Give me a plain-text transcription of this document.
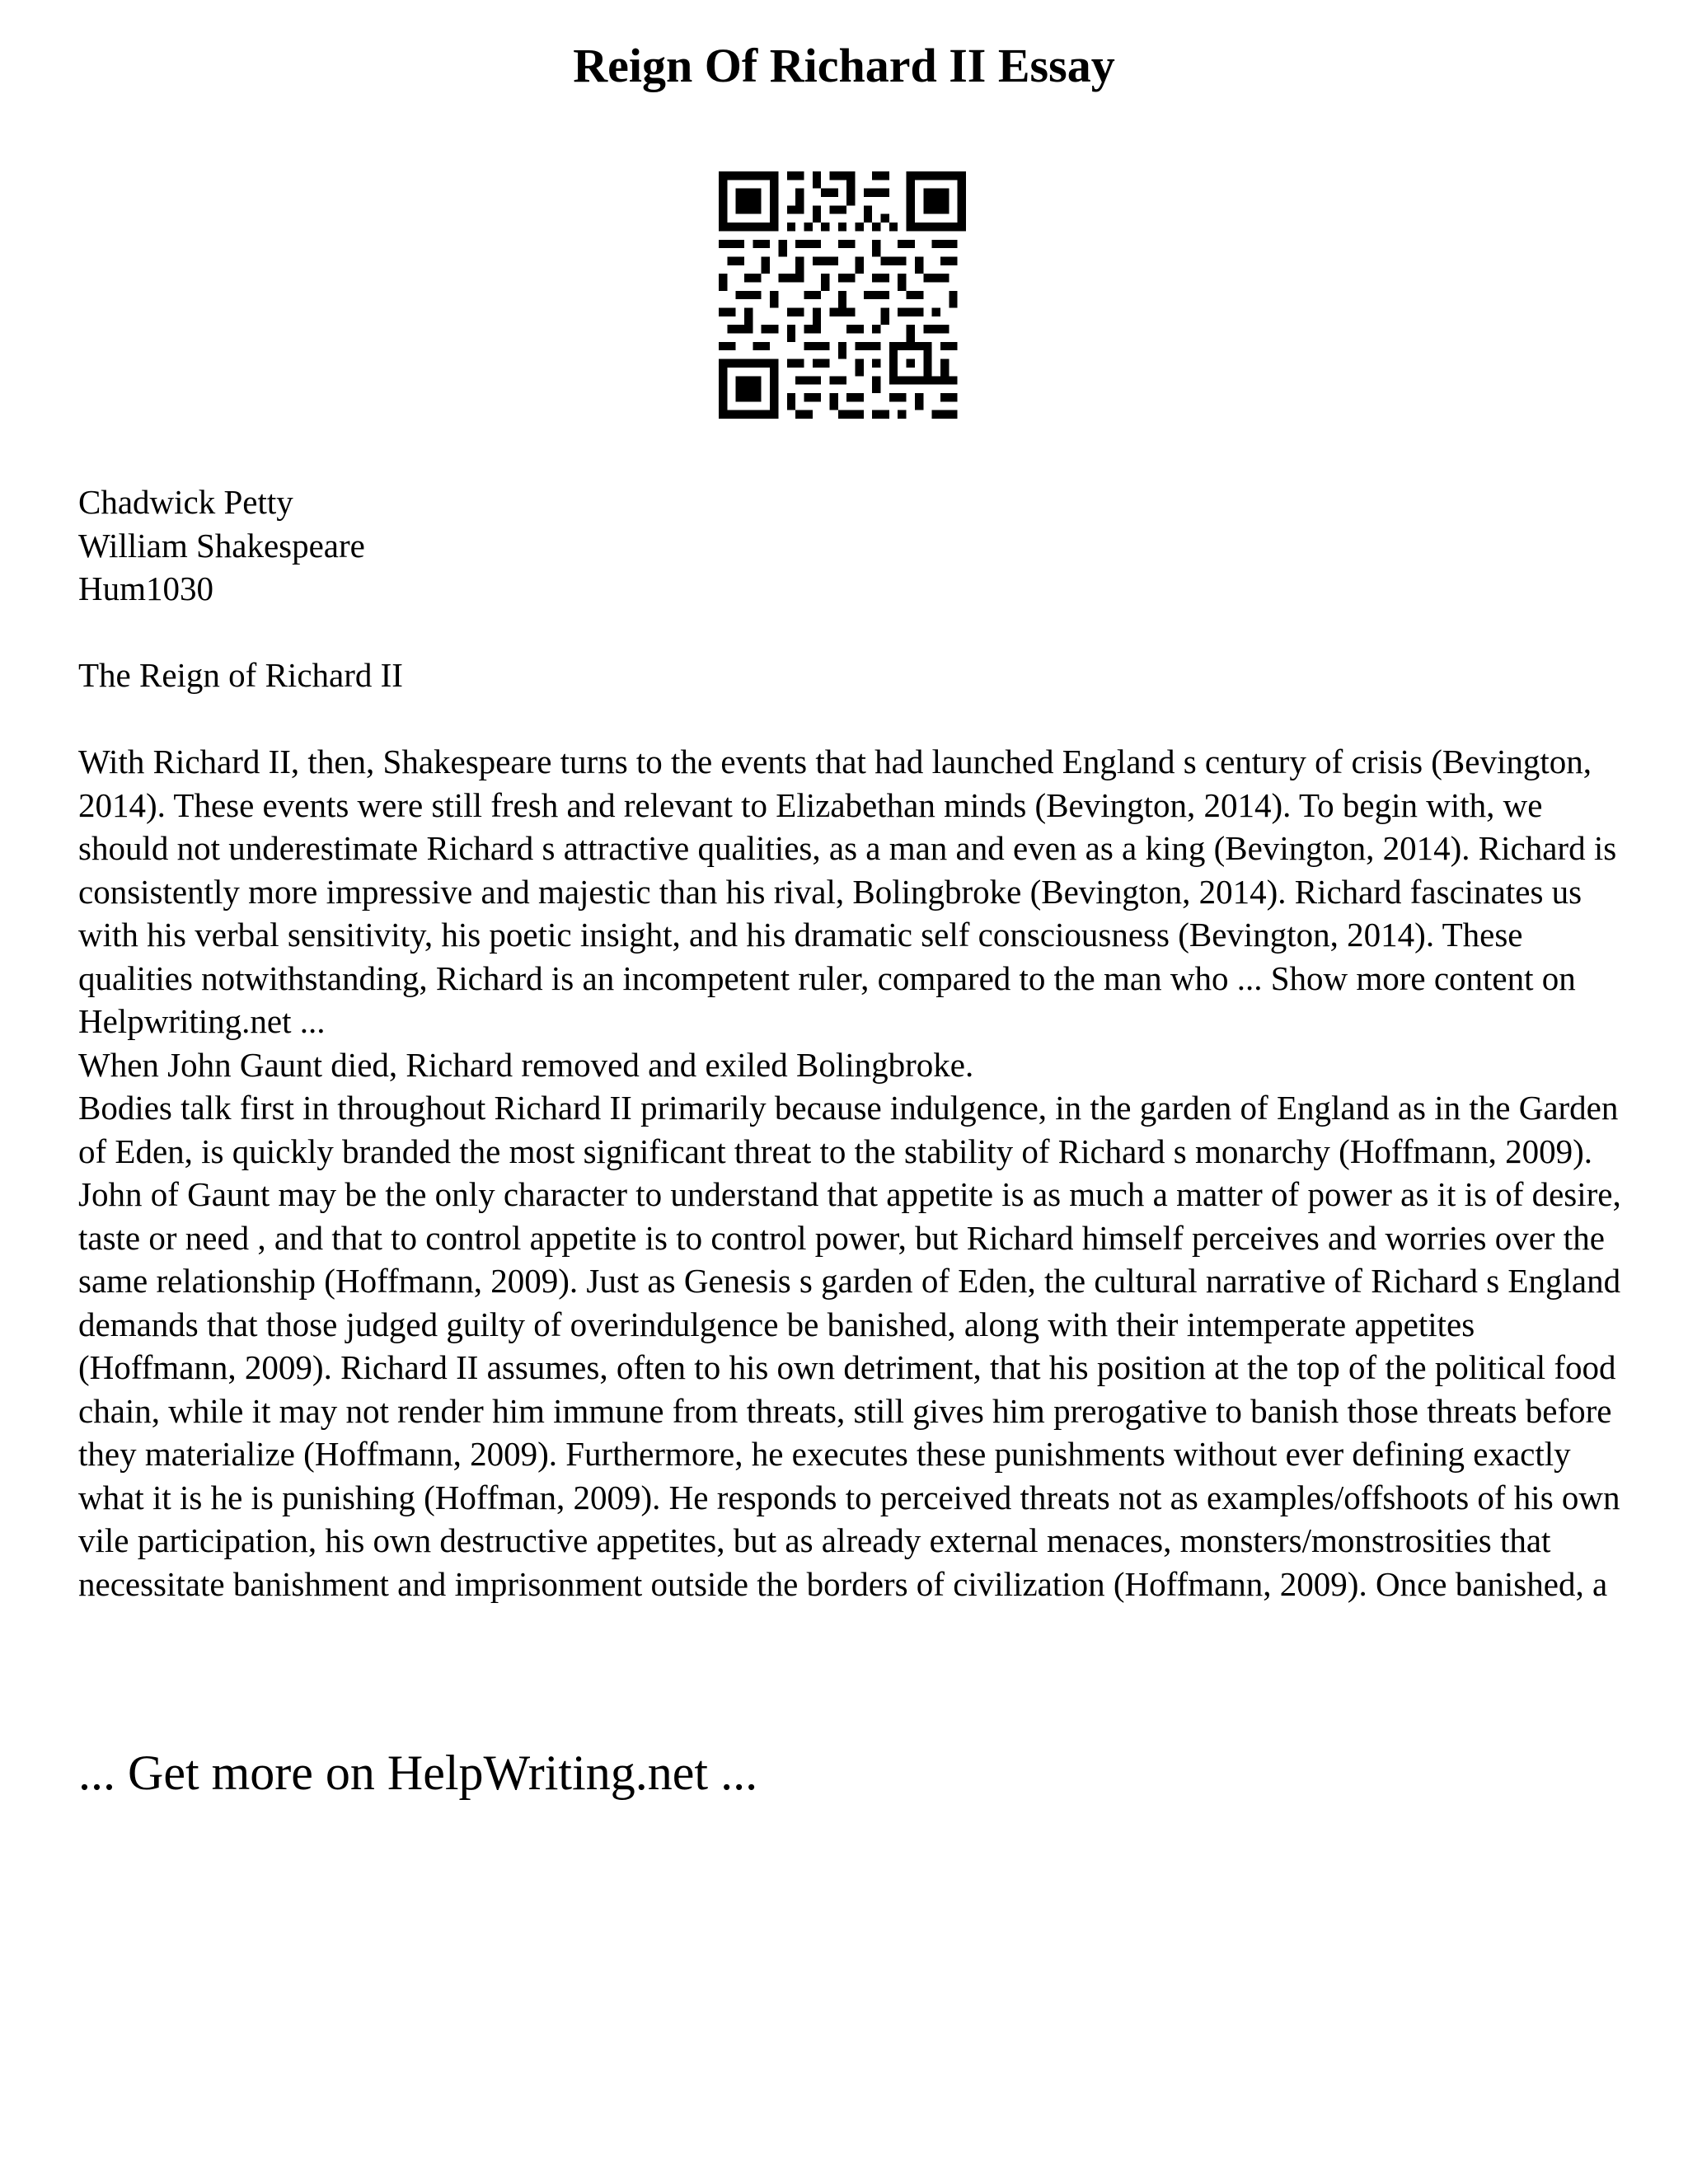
Reign Of Richard II Essay
Chadwick Petty
William Shakespeare
Hum1030

The Reign of Richard II

With Richard II, then, Shakespeare turns to the events that had launched England s century of crisis (Bevington, 2014). These events were still fresh and relevant to Elizabethan minds (Bevington, 2014). To begin with, we should not underestimate Richard s attractive qualities, as a man and even as a king (Bevington, 2014). Richard is consistently more impressive and majestic than his rival, Bolingbroke (Bevington, 2014). Richard fascinates us with his verbal sensitivity, his poetic insight, and his dramatic self consciousness (Bevington, 2014). These qualities notwithstanding, Richard is an incompetent ruler, compared to the man who ... Show more content on Helpwriting.net ...

When John Gaunt died, Richard removed and exiled Bolingbroke.

Bodies talk first in throughout Richard II primarily because indulgence, in the garden of England as in the Garden of Eden, is quickly branded the most significant threat to the stability of Richard s monarchy (Hoffmann, 2009). John of Gaunt may be the only character to understand that appetite is as much a matter of power as it is of desire, taste or need , and that to control appetite is to control power, but Richard himself perceives and worries over the same relationship (Hoffmann, 2009). Just as Genesis s garden of Eden, the cultural narrative of Richard s England demands that those judged guilty of overindulgence be banished, along with their intemperate appetites (Hoffmann, 2009). Richard II assumes, often to his own detriment, that his position at the top of the political food chain, while it may not render him immune from threats, still gives him prerogative to banish those threats before they materialize (Hoffmann, 2009). Furthermore, he executes these punishments without ever defining exactly what it is he is punishing (Hoffman, 2009). He responds to perceived threats not as examples/offshoots of his own vile participation, his own destructive appetites, but as already external menaces, monsters/monstrosities that necessitate banishment and imprisonment outside the borders of civilization (Hoffmann, 2009). Once banished, a

... Get more on HelpWriting.net ...
